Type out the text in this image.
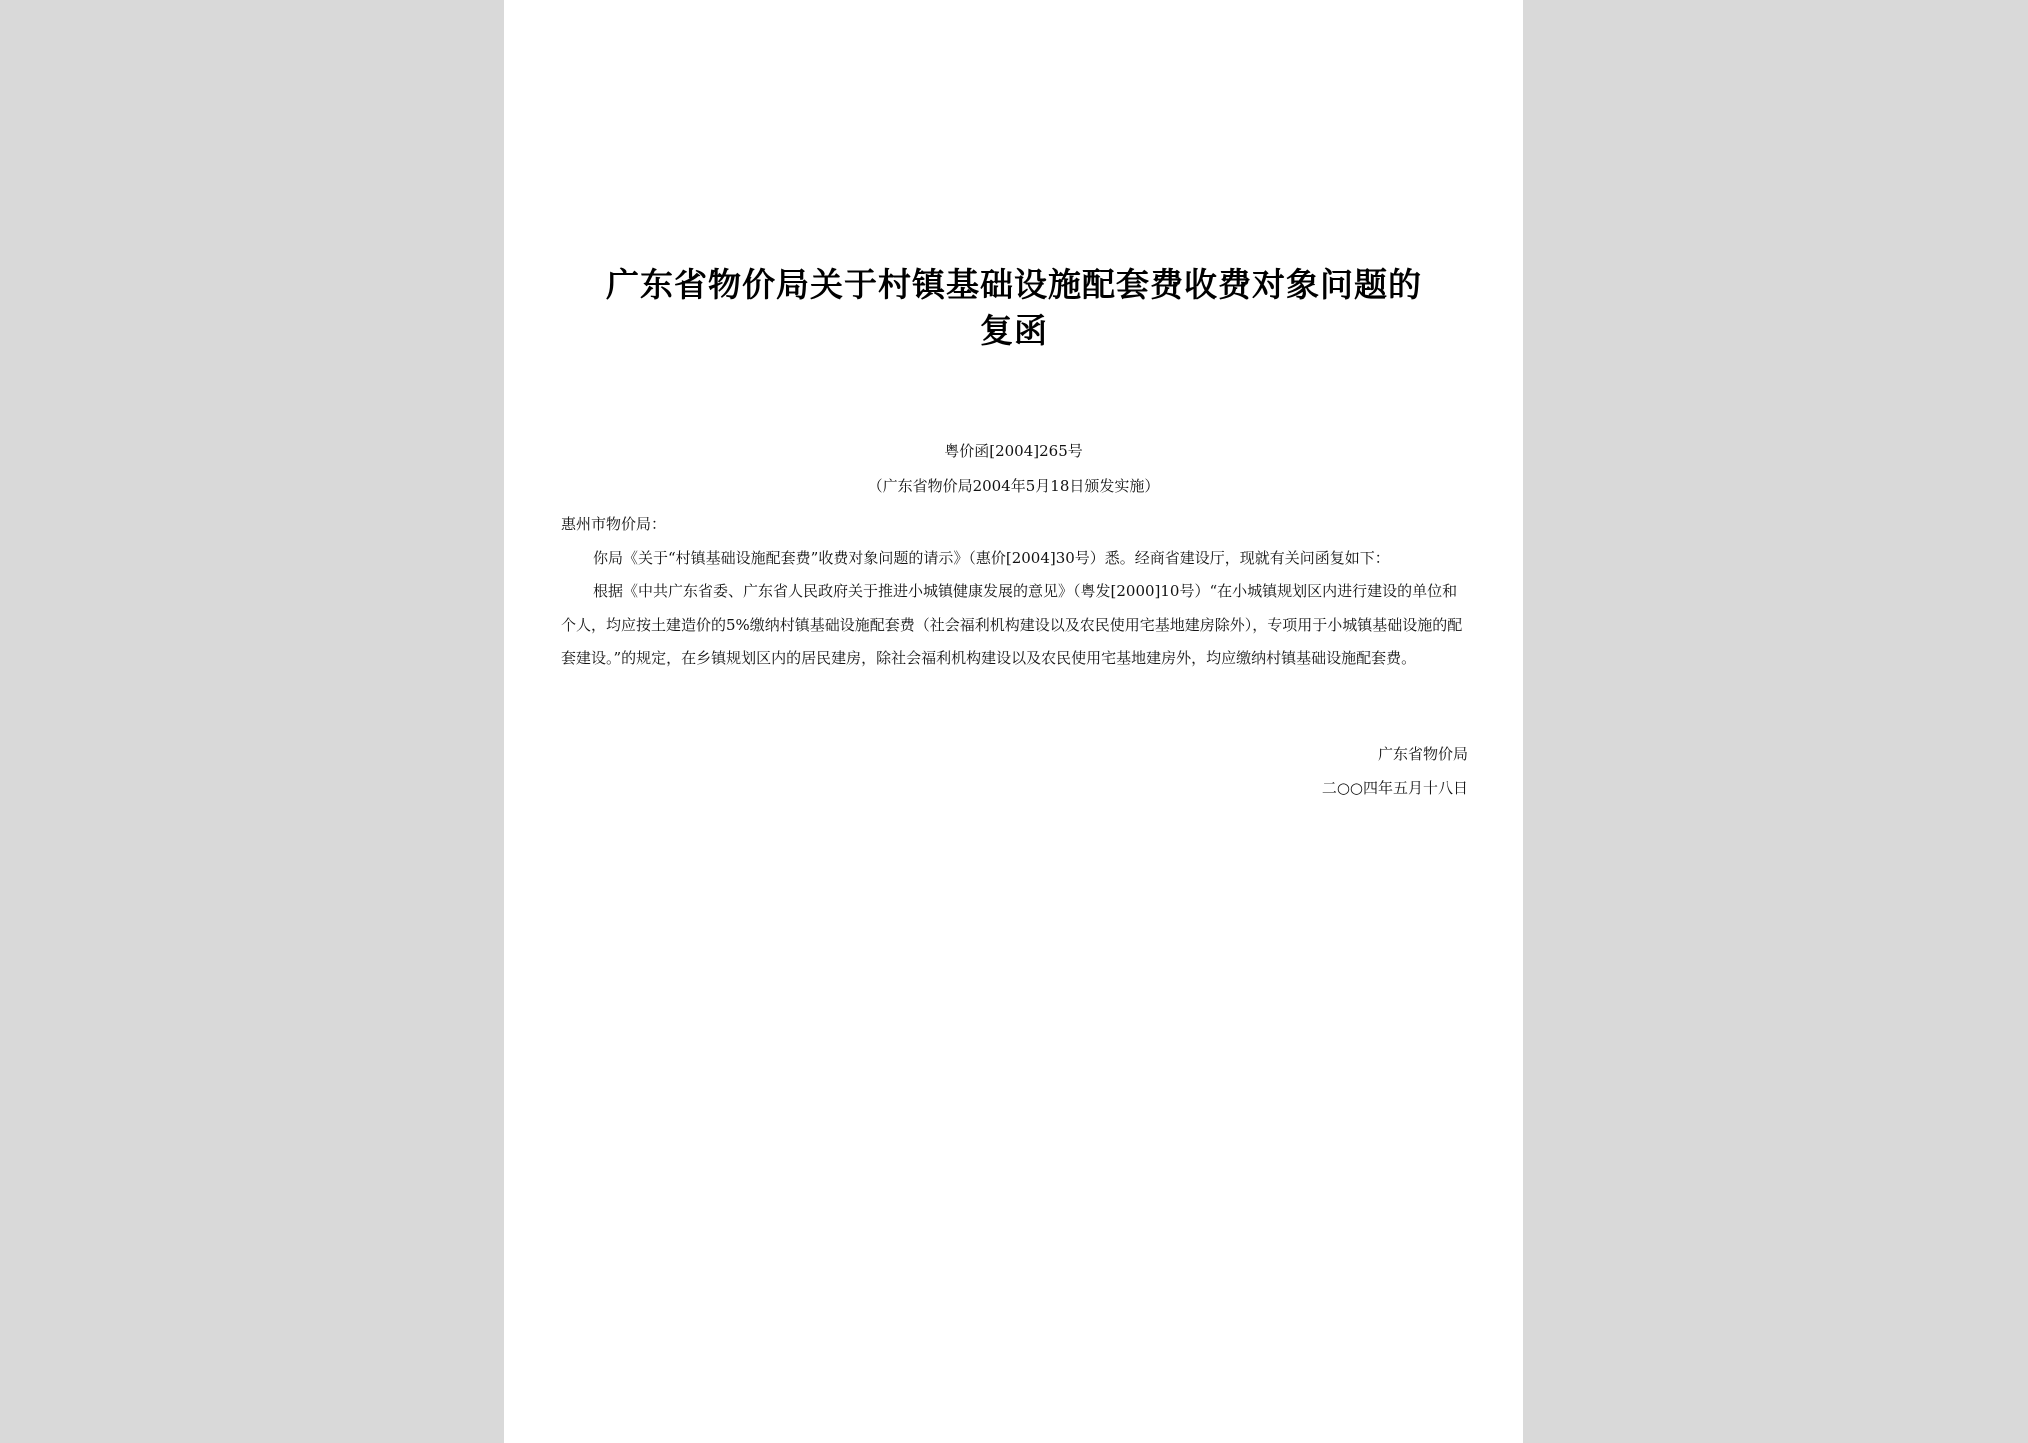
广东省物价局关于村镇基础设施配套费收费对象问题的
复函
粤价函[2004]265号
（广东省物价局2004年5月18日颁发实施）

惠州市物价局：

你局《关于“村镇基础设施配套费”收费对象问题的请示》（惠价[2004]30号）悉。经商省建设厅，现就有关问函复如下：

根据《中共广东省委、广东省人民政府关于推进小城镇健康发展的意见》（粤发[2000]10号）“在小城镇规划区内进行建设的单位和个人，均应按土建造价的5%缴纳村镇基础设施配套费（社会福利机构建设以及农民使用宅基地建房除外），专项用于小城镇基础设施的配套建设。”的规定，在乡镇规划区内的居民建房，除社会福利机构建设以及农民使用宅基地建房外，均应缴纳村镇基础设施配套费。

广东省物价局
二○○四年五月十八日
